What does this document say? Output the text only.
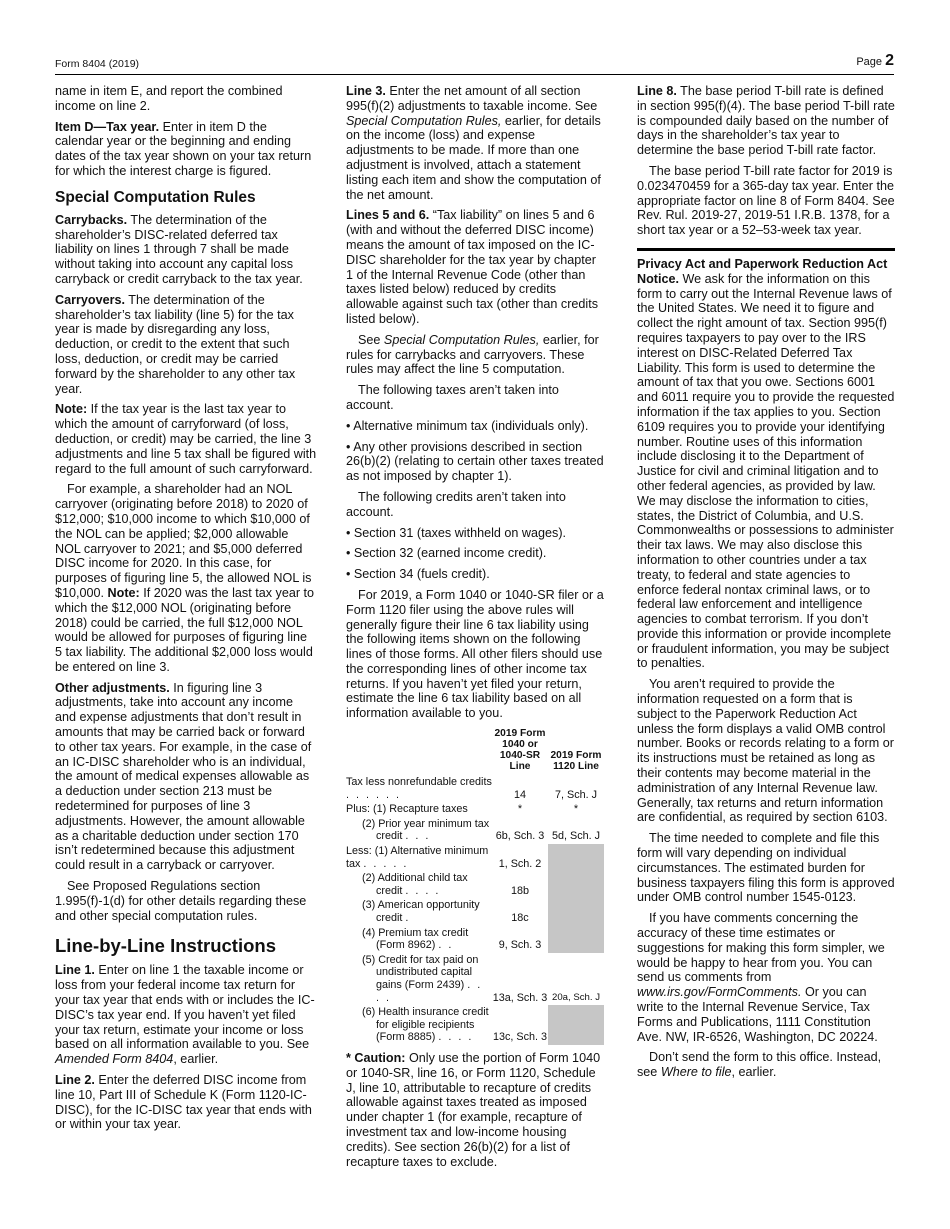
Form 8404 (2019)	Page 2

name in item E, and report the combined income on line 2.

Item D—Tax year. Enter in item D the calendar year or the beginning and ending dates of the tax year shown on your tax return for which the interest charge is figured.

Special Computation Rules

Carrybacks. The determination of the shareholder’s DISC-related deferred tax liability on lines 1 through 7 shall be made without taking into account any capital loss carryback or credit carryback to the tax year.

Carryovers. The determination of the shareholder’s tax liability (line 5) for the tax year is made by disregarding any loss, deduction, or credit to the extent that such loss, deduction, or credit may be carried forward by the shareholder to any other tax year.

Note: If the tax year is the last tax year to which the amount of carryforward (of loss, deduction, or credit) may be carried, the line 3 adjustments and line 5 tax shall be figured with regard to the full amount of such carryforward.

For example, a shareholder had an NOL carryover (originating before 2018) to 2020 of $12,000; $10,000 income to which $10,000 of the NOL can be applied; $2,000 allowable NOL carryover to 2021; and $5,000 deferred DISC income for 2020. In this case, for purposes of figuring line 5, the allowed NOL is $10,000. Note: If 2020 was the last tax year to which the $12,000 NOL (originating before 2018) could be carried, the full $12,000 NOL would be allowed for purposes of figuring line 5 tax liability. The additional $2,000 loss would be entered on line 3.

Other adjustments. In figuring line 3 adjustments, take into account any income and expense adjustments that don’t result in amounts that may be carried back or forward to other tax years. For example, in the case of an IC-DISC shareholder who is an individual, the amount of medical expenses allowable as a deduction under section 213 must be redetermined for purposes of line 3 adjustments. However, the amount allowable as a charitable deduction under section 170 isn’t redetermined because this adjustment could result in a carryback or carryover.

See Proposed Regulations section 1.995(f)-1(d) for other details regarding these and other special computation rules.

Line-by-Line Instructions

Line 1. Enter on line 1 the taxable income or loss from your federal income tax return for your tax year that ends with or includes the IC-DISC’s tax year end. If you haven’t yet filed your tax return, estimate your income or loss based on all information available to you. See Amended Form 8404, earlier.

Line 2. Enter the deferred DISC income from line 10, Part III of Schedule K (Form 1120-IC-DISC), for the IC-DISC tax year that ends with or within your tax year.

Line 3. Enter the net amount of all section 995(f)(2) adjustments to taxable income. See Special Computation Rules, earlier, for details on the income (loss) and expense adjustments to be made. If more than one adjustment is involved, attach a statement listing each item and show the computation of the net amount.

Lines 5 and 6. “Tax liability” on lines 5 and 6 (with and without the deferred DISC income) means the amount of tax imposed on the IC-DISC shareholder for the tax year by chapter 1 of the Internal Revenue Code (other than taxes listed below) reduced by credits allowable against such tax (other than credits listed below).

See Special Computation Rules, earlier, for rules for carrybacks and carryovers. These rules may affect the line 5 computation.

The following taxes aren’t taken into account.

• Alternative minimum tax (individuals only).

• Any other provisions described in section 26(b)(2) (relating to certain other taxes treated as not imposed by chapter 1).

The following credits aren’t taken into account.

• Section 31 (taxes withheld on wages).

• Section 32 (earned income credit).

• Section 34 (fuels credit).

For 2019, a Form 1040 or 1040-SR filer or a Form 1120 filer using the above rules will generally figure their line 6 tax liability using the following items shown on the following lines of those forms. All other filers should use the corresponding lines of other income tax returns. If you haven’t yet filed your return, estimate the line 6 tax liability based on all information available to you.

	2019 Form 1040 or 1040-SR Line	2019 Form 1120 Line
Tax less nonrefundable credits . . . . . .	14	7, Sch. J
Plus: (1) Recapture taxes	*	*
(2) Prior year minimum tax credit . . .	6b, Sch. 3	5d, Sch. J
Less: (1) Alternative minimum tax . . . . .	1, Sch. 2	
(2) Additional child tax credit . . . .	18b	
(3) American opportunity credit .	18c	
(4) Premium tax credit (Form 8962) . .	9, Sch. 3	
(5) Credit for tax paid on undistributed capital gains (Form 2439) . . . .	13a, Sch. 3	20a, Sch. J
(6) Health insurance credit for eligible recipients (Form 8885) . . . .	13c, Sch. 3	

* Caution: Only use the portion of Form 1040 or 1040-SR, line 16, or Form 1120, Schedule J, line 10, attributable to recapture of credits allowable against taxes treated as imposed under chapter 1 (for example, recapture of investment tax and low-income housing credits). See section 26(b)(2) for a list of recapture taxes to exclude.

Line 8. The base period T-bill rate is defined in section 995(f)(4). The base period T-bill rate is compounded daily based on the number of days in the shareholder’s tax year to determine the base period T-bill rate factor.

The base period T-bill rate factor for 2019 is 0.023470459 for a 365-day tax year. Enter the appropriate factor on line 8 of Form 8404. See Rev. Rul. 2019-27, 2019-51 I.R.B. 1378, for a short tax year or a 52–53-week tax year.

Privacy Act and Paperwork Reduction Act Notice. We ask for the information on this form to carry out the Internal Revenue laws of the United States. We need it to figure and collect the right amount of tax. Section 995(f) requires taxpayers to pay over to the IRS interest on DISC-Related Deferred Tax Liability. This form is used to determine the amount of tax that you owe. Sections 6001 and 6011 require you to provide the requested information if the tax applies to you. Section 6109 requires you to provide your identifying number. Routine uses of this information include disclosing it to the Department of Justice for civil and criminal litigation and to other federal agencies, as provided by law. We may disclose the information to cities, states, the District of Columbia, and U.S. Commonwealths or possessions to administer their tax laws. We may also disclose this information to other countries under a tax treaty, to federal and state agencies to enforce federal nontax criminal laws, or to federal law enforcement and intelligence agencies to combat terrorism. If you don’t provide this information or provide incomplete or fraudulent information, you may be subject to penalties.

You aren’t required to provide the information requested on a form that is subject to the Paperwork Reduction Act unless the form displays a valid OMB control number. Books or records relating to a form or its instructions must be retained as long as their contents may become material in the administration of any Internal Revenue law. Generally, tax returns and return information are confidential, as required by section 6103.

The time needed to complete and file this form will vary depending on individual circumstances. The estimated burden for business taxpayers filing this form is approved under OMB control number 1545-0123.

If you have comments concerning the accuracy of these time estimates or suggestions for making this form simpler, we would be happy to hear from you. You can send us comments from www.irs.gov/FormComments. Or you can write to the Internal Revenue Service, Tax Forms and Publications, 1111 Constitution Ave. NW, IR-6526, Washington, DC 20224.

Don’t send the form to this office. Instead, see Where to file, earlier.
